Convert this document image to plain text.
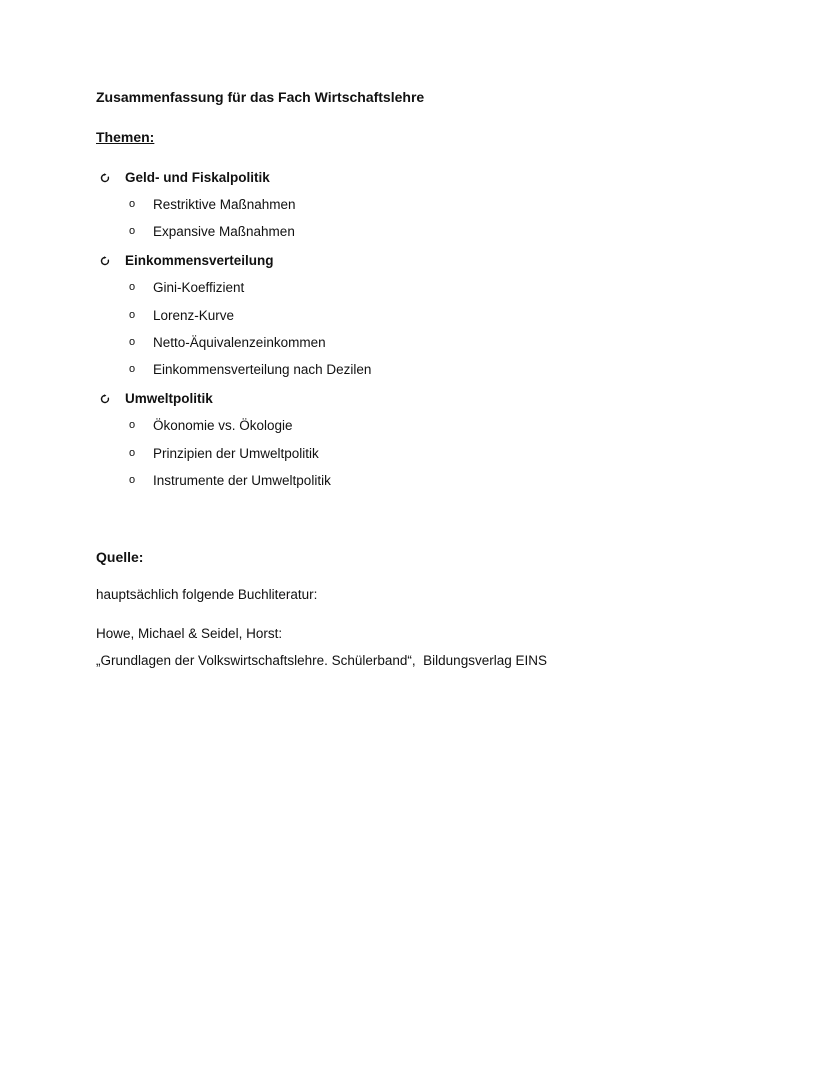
Zusammenfassung für das Fach Wirtschaftslehre
Themen:
Geld- und Fiskalpolitik
o	Restriktive Maßnahmen
o	Expansive Maßnahmen
Einkommensverteilung
o	Gini-Koeffizient
o	Lorenz-Kurve
o	Netto-Äquivalenzeinkommen
o	Einkommensverteilung nach Dezilen
Umweltpolitik
o	Ökonomie vs. Ökologie
o	Prinzipien der Umweltpolitik
o	Instrumente der Umweltpolitik
Quelle:
hauptsächlich folgende Buchliteratur:
Howe, Michael & Seidel, Horst:
„Grundlagen der Volkswirtschaftslehre. Schülerband“,  Bildungsverlag EINS
